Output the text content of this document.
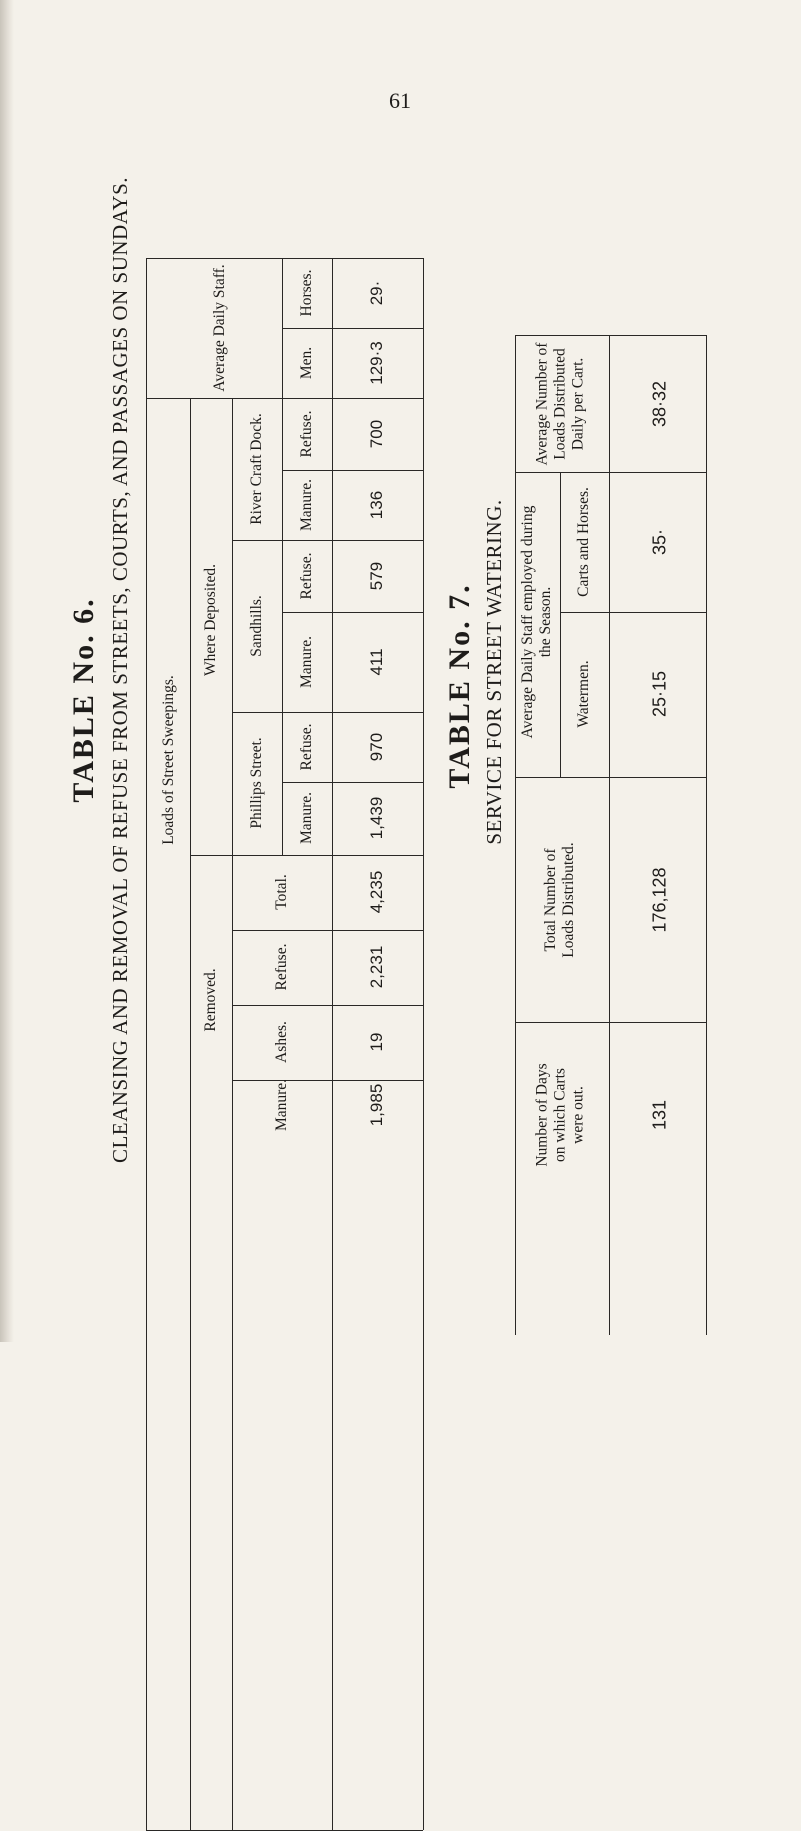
61
TABLE No. 6. CLEANSING AND REMOVAL OF REFUSE FROM STREETS, COURTS, AND PASSAGES ON SUNDAYS.	Average Daily Staff.	Horses.	29·
Men.	129·3
Loads of Street Sweepings.
Where Deposited.
River Craft Dock. Refuse.	700
Manure.	136
Sandhills.
Refuse.	579
Manure.	411
Phillips Street. Refuse.	970
Manure.	1,439
Removed.
Total.	4,235
Refuse.	2,231
Ashes.	19
Manure.	1,985
TABLE No. 7. SERVICE FOR STREET WATERING.
Average Number of
Loads Distributed
Daily per Cart.	38·32
Average Daily Staff employed during
the Season.
Carts and Horses.	35·
Watermen.	25·15
Total Number of
Loads Distributed.	176,128
Number of Days
on which Carts
were out.	131
